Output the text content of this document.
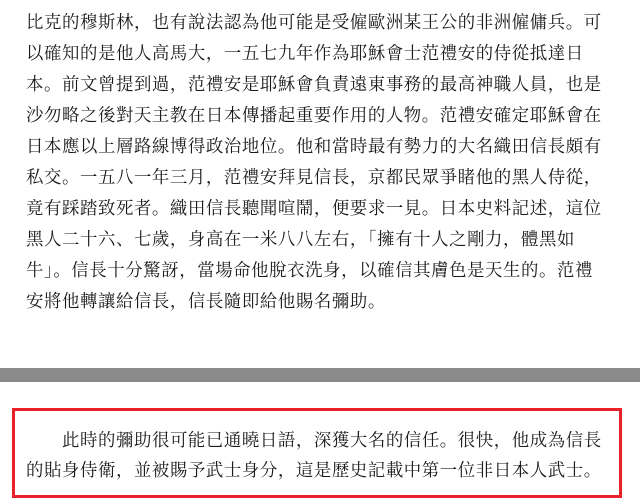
比克的穆斯林，也有說法認為他可能是受僱歐洲某王公的非洲僱傭兵。可
以確知的是他人高馬大，一五七九年作為耶穌會士范禮安的侍從抵達日
本。前文曾提到過，范禮安是耶穌會負責遠東事務的最高神職人員，也是
沙勿略之後對天主教在日本傳播起重要作用的人物。范禮安確定耶穌會在
日本應以上層路線博得政治地位。他和當時最有勢力的大名織田信長頗有
私交。一五八一年三月，范禮安拜見信長，京都民眾爭睹他的黑人侍從，
竟有踩踏致死者。織田信長聽聞喧鬧，便要求一見。日本史料記述，這位
黑人二十六、七歲，身高在一米八八左右，「擁有十人之剛力，體黑如
牛」。信長十分驚訝，當場命他脫衣洗身，以確信其膚色是天生的。范禮
安將他轉讓給信長，信長隨即給他賜名彌助。
此時的彌助很可能已通曉日語，深獲大名的信任。很快，他成為信長
的貼身侍衛，並被賜予武士身分，這是歷史記載中第一位非日本人武士。
